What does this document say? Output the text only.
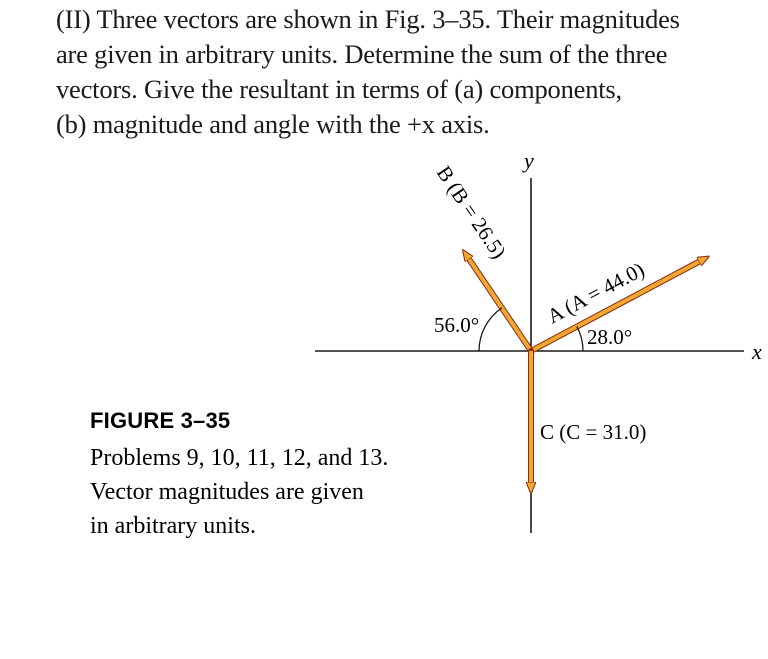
(II) Three vectors are shown in Fig. 3–35. Their magnitudes

are given in arbitrary units. Determine the sum of the three

vectors. Give the resultant in terms of (a) components,

(b) magnitude and angle with the +x axis.

x
y
A (A = 44.0)
B (B = 26.5)
C (C = 31.0)
28.0°
56.0°
FIGURE 3–35
Problems 9, 10, 11, 12, and 13.
Vector magnitudes are given
in arbitrary units.
